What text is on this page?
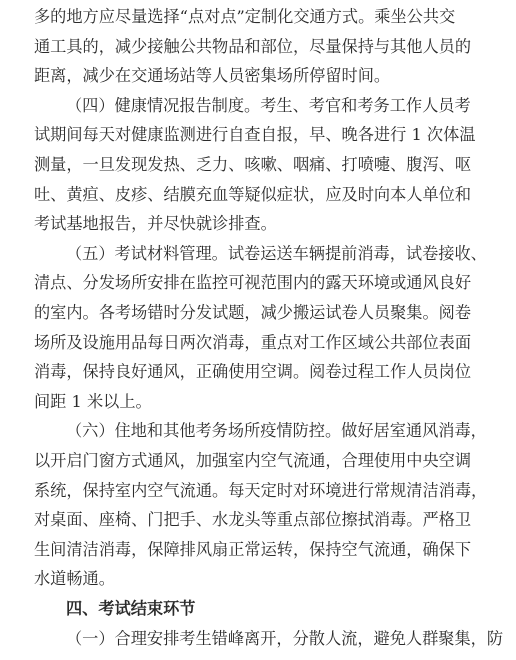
多的地方应尽量选择“点对点”定制化交通方式。乘坐公共交
通工具的，减少接触公共物品和部位，尽量保持与其他人员的
距离，减少在交通场站等人员密集场所停留时间。
（四）健康情况报告制度。考生、考官和考务工作人员考
试期间每天对健康监测进行自查自报，早、晚各进行 1 次体温
测量，一旦发现发热、乏力、咳嗽、咽痛、打喷嚏、腹泻、呕
吐、黄疸、皮疹、结膜充血等疑似症状，应及时向本人单位和
考试基地报告，并尽快就诊排查。
（五）考试材料管理。试卷运送车辆提前消毒，试卷接收、
清点、分发场所安排在监控可视范围内的露天环境或通风良好
的室内。各考场错时分发试题，减少搬运试卷人员聚集。阅卷
场所及设施用品每日两次消毒，重点对工作区域公共部位表面
消毒，保持良好通风，正确使用空调。阅卷过程工作人员岗位
间距 1 米以上。
（六）住地和其他考务场所疫情防控。做好居室通风消毒，
以开启门窗方式通风，加强室内空气流通，合理使用中央空调
系统，保持室内空气流通。每天定时对环境进行常规清洁消毒，
对桌面、座椅、门把手、水龙头等重点部位擦拭消毒。严格卫
生间清洁消毒，保障排风扇正常运转，保持空气流通，确保下
水道畅通。
四、考试结束环节
（一）合理安排考生错峰离开，分散人流，避免人群聚集，防
